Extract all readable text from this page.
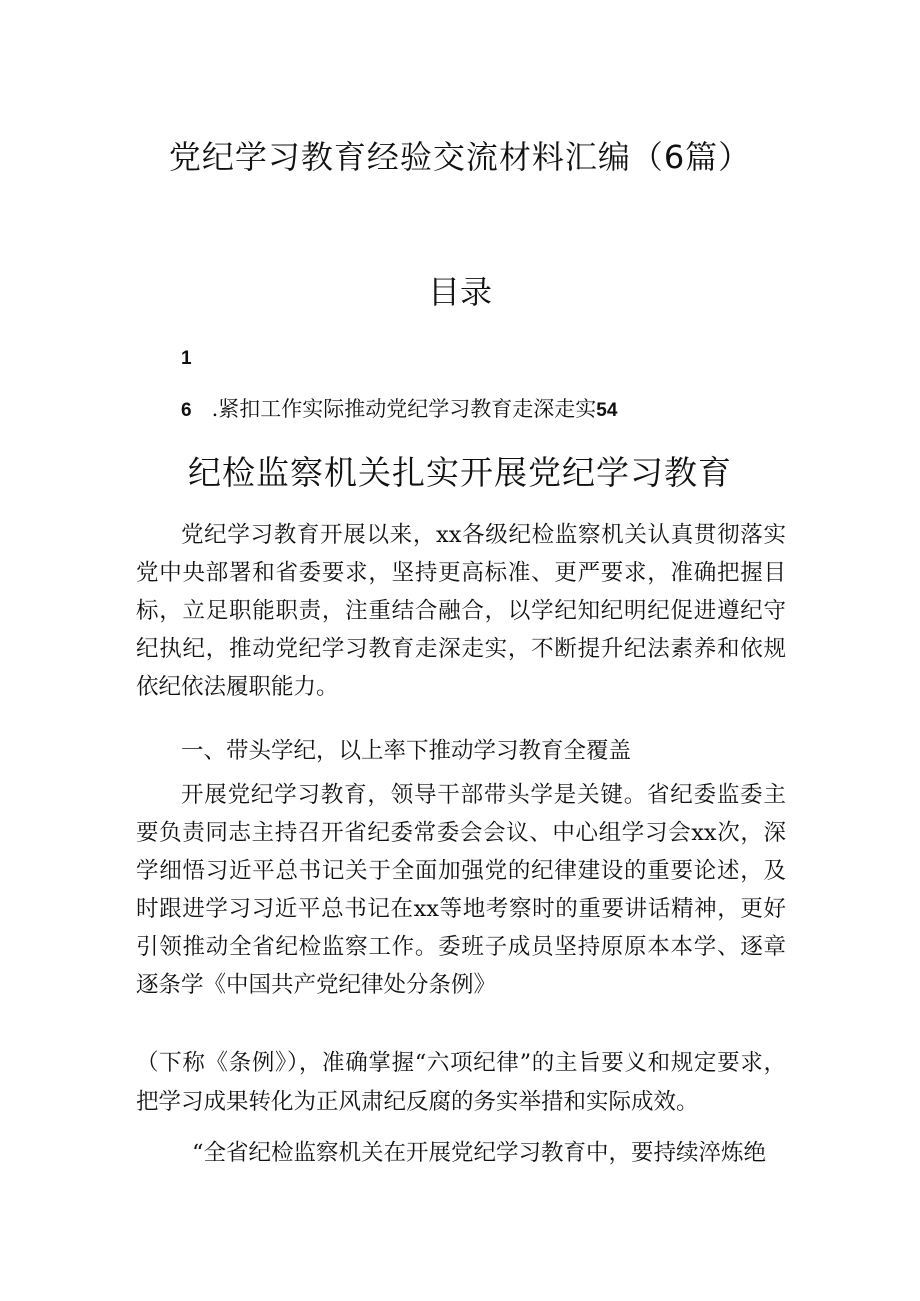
党纪学习教育经验交流材料汇编（6篇）
目录
1
6 .紧扣工作实际推动党纪学习教育走深走实54
纪检监察机关扎实开展党纪学习教育

党纪学习教育开展以来，xx各级纪检监察机关认真贯彻落实党中央部署和省委要求，坚持更高标准、更严要求，准确把握目标，立足职能职责，注重结合融合，以学纪知纪明纪促进遵纪守纪执纪，推动党纪学习教育走深走实，不断提升纪法素养和依规依纪依法履职能力。

一、带头学纪，以上率下推动学习教育全覆盖

开展党纪学习教育，领导干部带头学是关键。省纪委监委主要负责同志主持召开省纪委常委会会议、中心组学习会xx次，深学细悟习近平总书记关于全面加强党的纪律建设的重要论述，及时跟进学习习近平总书记在xx等地考察时的重要讲话精神，更好引领推动全省纪检监察工作。委班子成员坚持原原本本学、逐章逐条学《中国共产党纪律处分条例》

（下称《条例》），准确掌握“六项纪律”的主旨要义和规定要求，把学习成果转化为正风肃纪反腐的务实举措和实际成效。

“全省纪检监察机关在开展党纪学习教育中，要持续淬炼绝
